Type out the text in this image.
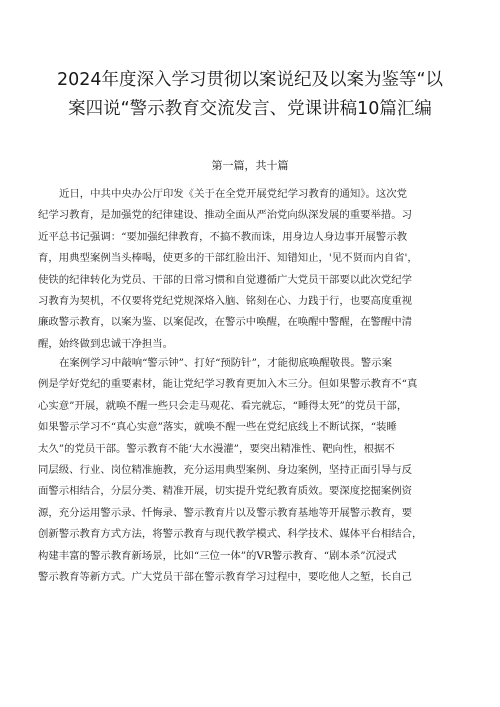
2024年度深入学习贯彻以案说纪及以案为鉴等“以
案四说“警示教育交流发言、党课讲稿10篇汇编
第一篇，共十篇
近日，中共中央办公厅印发《关于在全党开展党纪学习教育的通知》。这次党
纪学习教育，是加强党的纪律建设、推动全面从严治党向纵深发展的重要举措。习
近平总书记强调：“要加强纪律教育，不搞不教而诛，用身边人身边事开展警示教
育，用典型案例当头棒喝，使更多的干部红脸出汗、知错知止，'见不贤而内自省'，
使铁的纪律转化为党员、干部的日常习惯和自觉遵循广大党员干部要以此次党纪学
习教育为契机，不仅要将党纪党规深烙入脑、铭刻在心、力践于行，也要高度重视
廉政警示教育，以案为鉴、以案促改，在警示中唤醒，在唤醒中警醒，在警醒中清
醒，始终做到忠诚干净担当。
在案例学习中敲响“警示钟”、打好“预防针”，才能彻底唤醒敬畏。警示案
例是学好党纪的重要素材，能让党纪学习教育更加入木三分。但如果警示教育不“真
心实意”开展，就唤不醒一些只会走马观花、看完就忘，“睡得太死”的党员干部，
如果警示学习不“真心实意”落实，就唤不醒一些在党纪底线上不断试探，“装睡
太久”的党员干部。警示教育不能‘大水漫灌”，要突出精准性、靶向性，根据不
同层级、行业、岗位精准施教，充分运用典型案例、身边案例，坚持正面引导与反
面警示相结合，分层分类、精准开展，切实提升党纪教育质效。要深度挖掘案例资
源，充分运用警示录、忏悔录、警示教育片以及警示教育基地等开展警示教育，要
创新警示教育方式方法，将警示教育与现代教学模式、科学技术、媒体平台相结合，
构建丰富的警示教育新场景，比如“三位一体”的VR警示教育、“剧本杀”沉浸式
警示教育等新方式。广大党员干部在警示教育学习过程中，要吃他人之堑，长自己
